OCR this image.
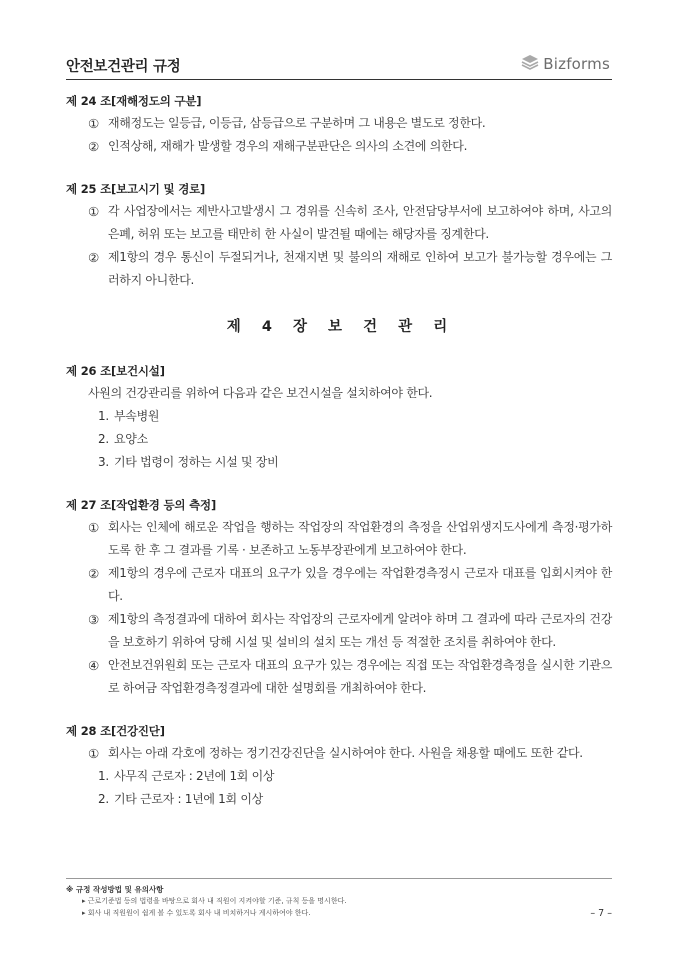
안전보건관리 규정	Bizforms
제 24 조[재해정도의 구분]
① 재해정도는 일등급, 이등급, 삼등급으로 구분하며 그 내용은 별도로 정한다.
② 인적상해, 재해가 발생할 경우의 재해구분판단은 의사의 소견에 의한다.
제 25 조[보고시기 및 경로]
① 각 사업장에서는 제반사고발생시 그 경위를 신속히 조사, 안전담당부서에 보고하여야 하며, 사고의 은폐, 허위 또는 보고를 태만히 한 사실이 발견될 때에는 해당자를 징계한다.
② 제1항의 경우 통신이 두절되거나, 천재지변 및 불의의 재해로 인하여 보고가 불가능할 경우에는 그러하지 아니한다.
제 4 장 보 건 관 리
제 26 조[보건시설]
사원의 건강관리를 위하여 다음과 같은 보건시설을 설치하여야 한다.
1. 부속병원
2. 요양소
3. 기타 법령이 정하는 시설 및 장비
제 27 조[작업환경 등의 측정]
① 회사는 인체에 해로운 작업을 행하는 작업장의 작업환경의 측정을 산업위생지도사에게 측정·평가하도록 한 후 그 결과를 기록 · 보존하고 노동부장관에게 보고하여야 한다.
② 제1항의 경우에 근로자 대표의 요구가 있을 경우에는 작업환경측정시 근로자 대표를 입회시켜야 한다.
③ 제1항의 측정결과에 대하여 회사는 작업장의 근로자에게 알려야 하며 그 결과에 따라 근로자의 건강을 보호하기 위하여 당해 시설 및 설비의 설치 또는 개선 등 적절한 조치를 취하여야 한다.
④ 안전보건위원회 또는 근로자 대표의 요구가 있는 경우에는 직접 또는 작업환경측정을 실시한 기관으로 하여금 작업환경측정결과에 대한 설명회를 개최하여야 한다.
제 28 조[건강진단]
① 회사는 아래 각호에 정하는 정기건강진단을 실시하여야 한다. 사원을 채용할 때에도 또한 같다.
1. 사무직 근로자 : 2년에 1회 이상
2. 기타 근로자 : 1년에 1회 이상
※ 규정 작성방법 및 유의사항
▸ 근로기준법 등의 법령을 바탕으로 회사 내 직원이 지켜야할 기준, 규칙 등을 명시한다.
▸ 회사 내 직원원이 쉽게 볼 수 있도록 회사 내 비치하거나 게시하여야 한다.	– 7 –
